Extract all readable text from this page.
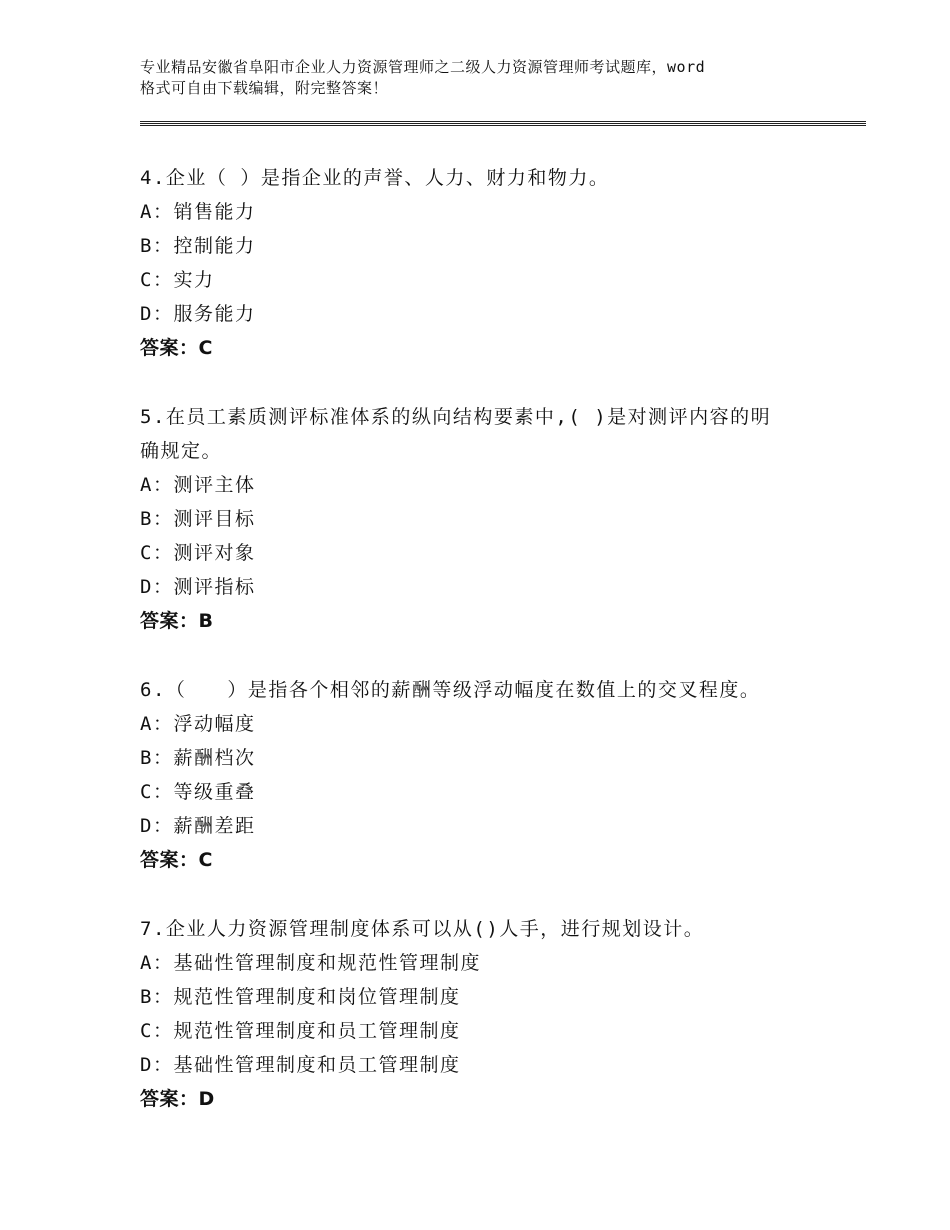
专业精品安徽省阜阳市企业人力资源管理师之二级人力资源管理师考试题库，word
格式可自由下载编辑，附完整答案！

4.企业（ ）是指企业的声誉、人力、财力和物力。

A：销售能力

B：控制能力

C：实力

D：服务能力

答案：C

5.在员工素质测评标准体系的纵向结构要素中,( )是对测评内容的明

确规定。

A：测评主体

B：测评目标

C：测评对象

D：测评指标

答案：B

6.（　　）是指各个相邻的薪酬等级浮动幅度在数值上的交叉程度。

A：浮动幅度

B：薪酬档次

C：等级重叠

D：薪酬差距

答案：C

7.企业人力资源管理制度体系可以从()人手，进行规划设计。

A：基础性管理制度和规范性管理制度

B：规范性管理制度和岗位管理制度

C：规范性管理制度和员工管理制度

D：基础性管理制度和员工管理制度

答案：D
